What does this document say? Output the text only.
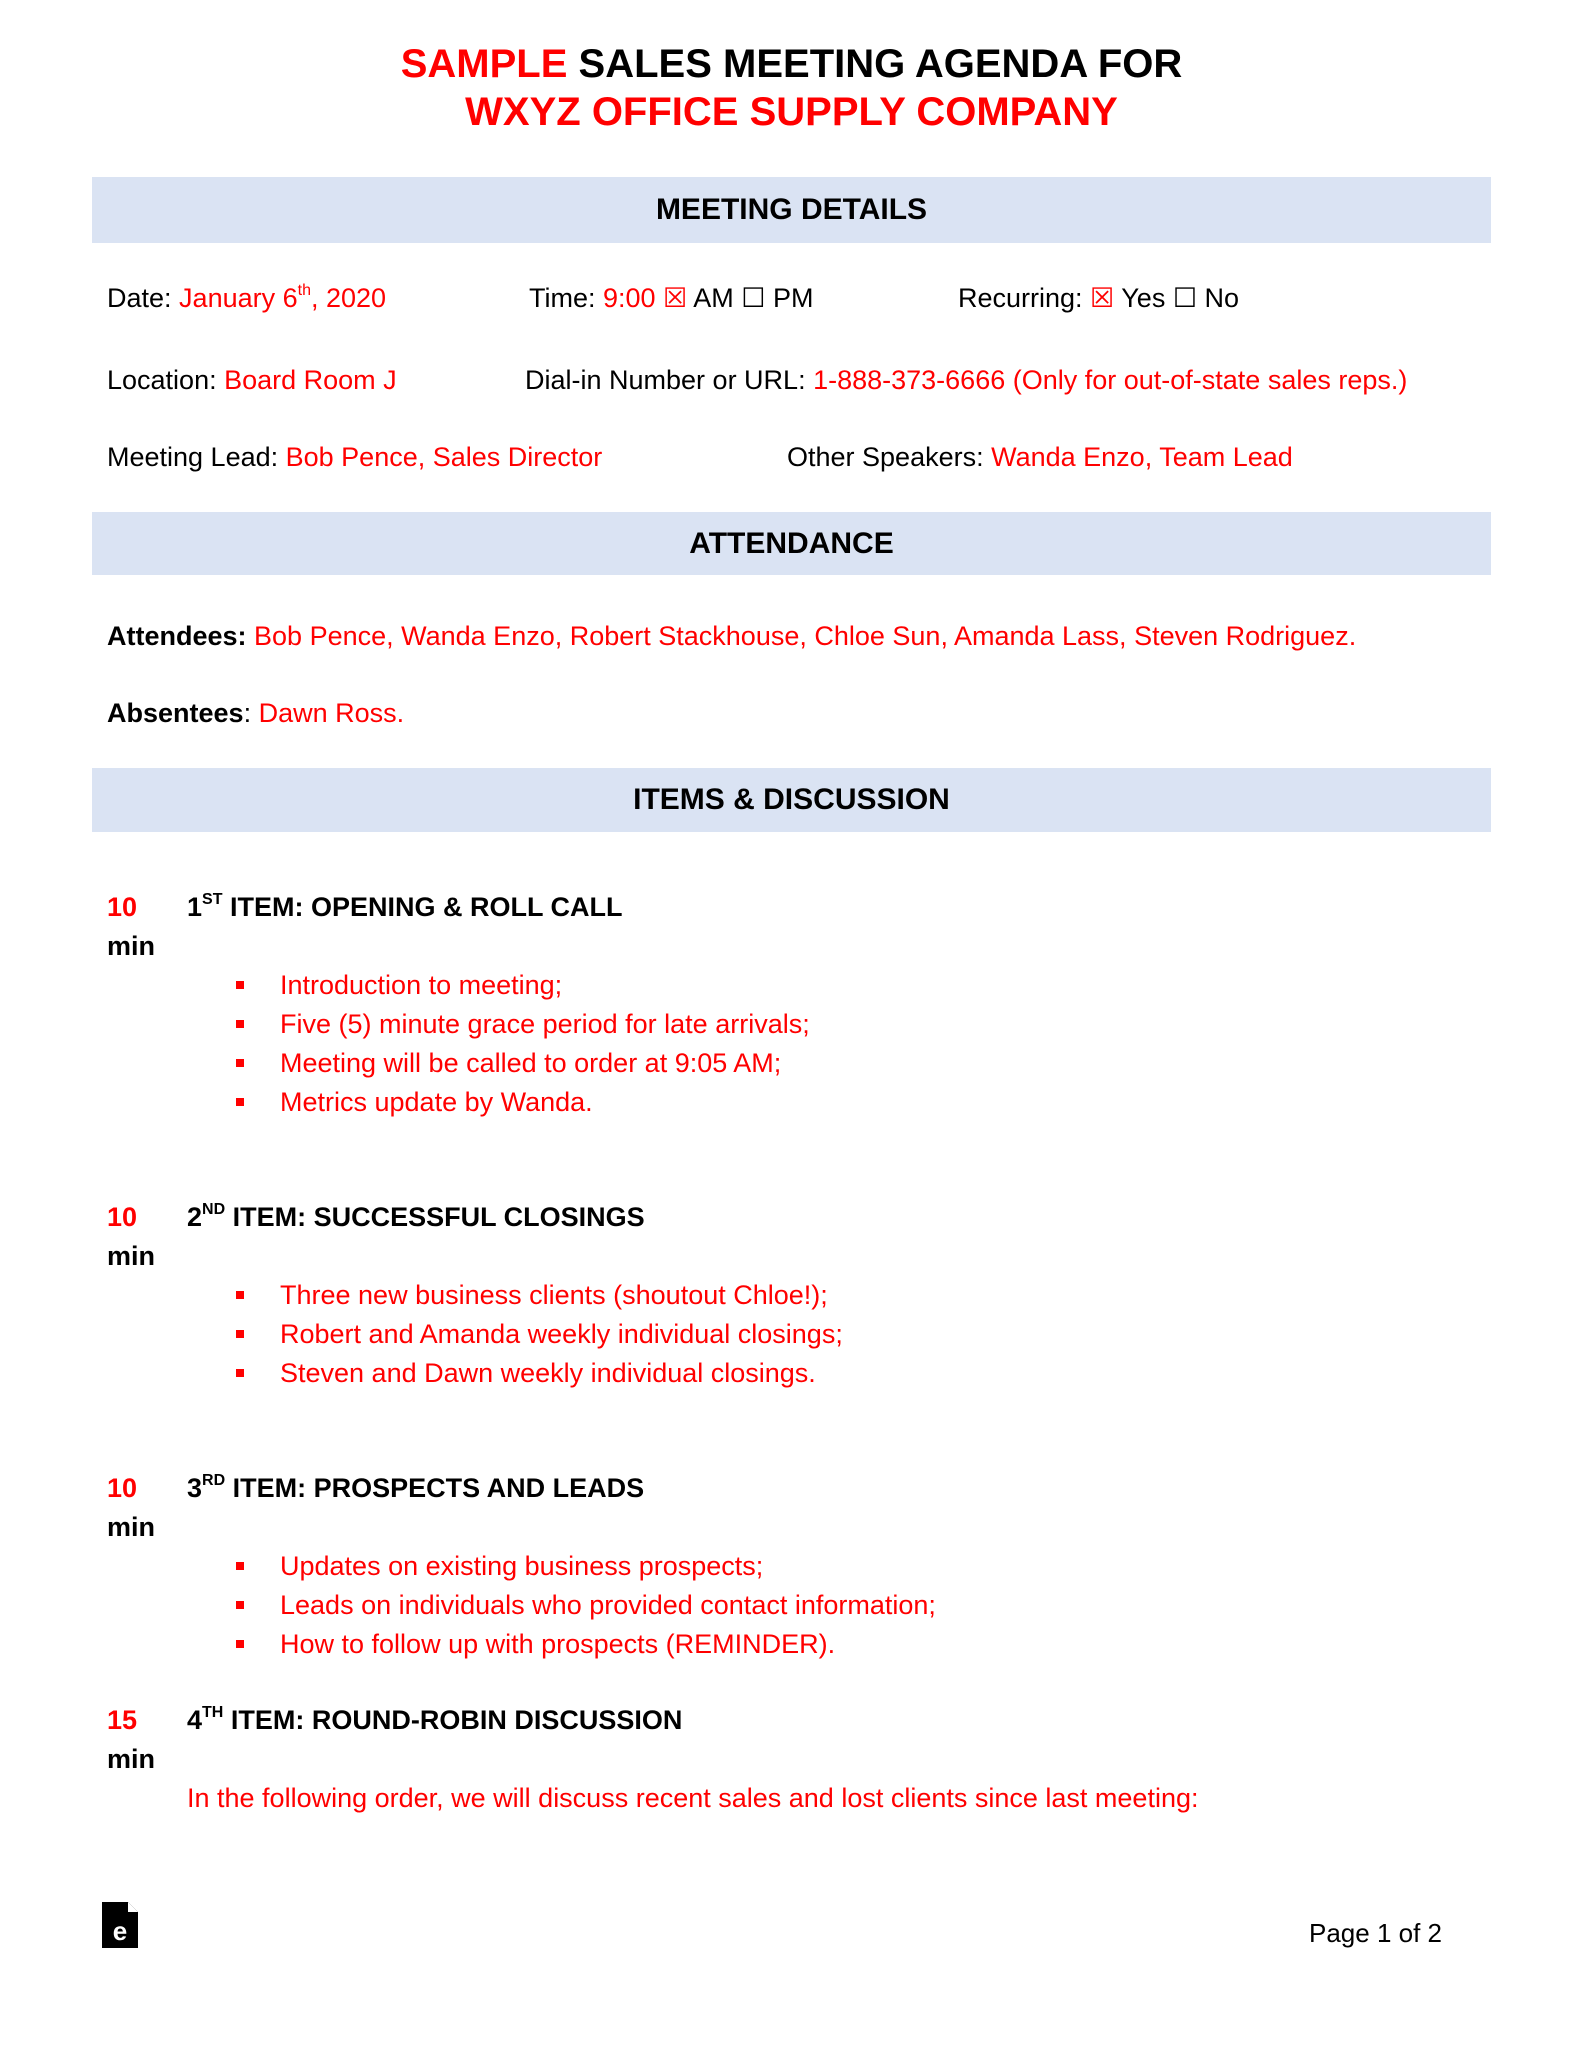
SAMPLE SALES MEETING AGENDA FOR
WXYZ OFFICE SUPPLY COMPANY
MEETING DETAILS
Date: January 6th, 2020	Time: 9:00 ☒ AM ☐ PM	Recurring: ☒ Yes ☐ No
Location: Board Room J	Dial-in Number or URL: 1-888-373-6666 (Only for out-of-state sales reps.)
Meeting Lead: Bob Pence, Sales Director	Other Speakers: Wanda Enzo, Team Lead
ATTENDANCE
Attendees: Bob Pence, Wanda Enzo, Robert Stackhouse, Chloe Sun, Amanda Lass, Steven Rodriguez.
Absentees: Dawn Ross.
ITEMS & DISCUSSION
10
min
1ST ITEM: OPENING & ROLL CALL
Introduction to meeting;
Five (5) minute grace period for late arrivals;
Meeting will be called to order at 9:05 AM;
Metrics update by Wanda.
10
min
2ND ITEM: SUCCESSFUL CLOSINGS
Three new business clients (shoutout Chloe!);
Robert and Amanda weekly individual closings;
Steven and Dawn weekly individual closings.
10
min
3RD ITEM: PROSPECTS AND LEADS
Updates on existing business prospects;
Leads on individuals who provided contact information;
How to follow up with prospects (REMINDER).
15
min
4TH ITEM: ROUND-ROBIN DISCUSSION
In the following order, we will discuss recent sales and lost clients since last meeting:
e	Page 1 of 2
